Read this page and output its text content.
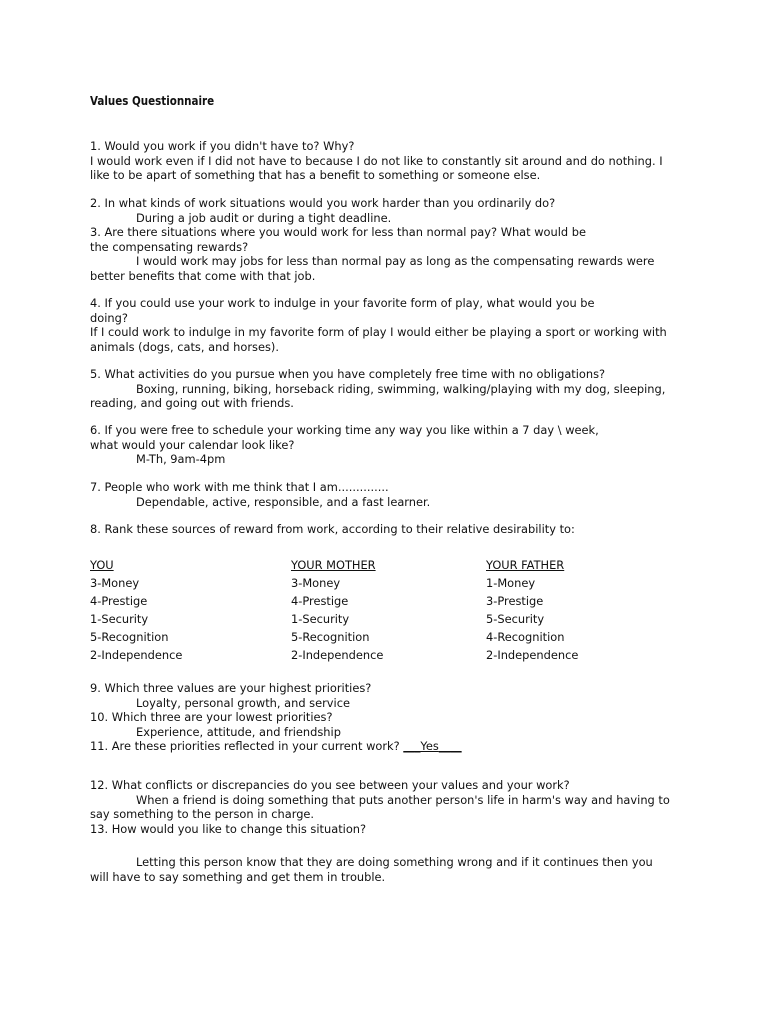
Values Questionnaire

1. Would you work if you didn't have to? Why?

I would work even if I did not have to because I do not like to constantly sit around and do nothing. I like to be apart of something that has a benefit to something or someone else.

2. In what kinds of work situations would you work harder than you ordinarily do?

During a job audit or during a tight deadline.

3. Are there situations where you would work for less than normal pay? What would be

the compensating rewards?

I would work may jobs for less than normal pay as long as the compensating rewards were better benefits that come with that job.

4. If you could use your work to indulge in your favorite form of play, what would you be

doing?

If I could work to indulge in my favorite form of play I would either be playing a sport or working with animals (dogs, cats, and horses).

5. What activities do you pursue when you have completely free time with no obligations?

Boxing, running, biking, horseback riding, swimming, walking/playing with my dog, sleeping, reading, and going out with friends.

6. If you were free to schedule your working time any way you like within a 7 day \ week,

what would your calendar look like?

M-Th, 9am-4pm

7. People who work with me think that I am..............

Dependable, active, responsible, and a fast learner.

8. Rank these sources of reward from work, according to their relative desirability to:

YOU
3-Money
4-Prestige
1-Security
5-Recognition
2-Independence
YOUR MOTHER
3-Money
4-Prestige
1-Security
5-Recognition
2-Independence
YOUR FATHER
1-Money
3-Prestige
5-Security
4-Recognition
2-Independence

9. Which three values are your highest priorities?

Loyalty, personal growth, and service

10. Which three are your lowest priorities?

Experience, attitude, and friendship

11. Are these priorities reflected in your current work? ___Yes____

12. What conflicts or discrepancies do you see between your values and your work?

When a friend is doing something that puts another person's life in harm's way and having to say something to the person in charge.

13. How would you like to change this situation?

Letting this person know that they are doing something wrong and if it continues then you will have to say something and get them in trouble.
